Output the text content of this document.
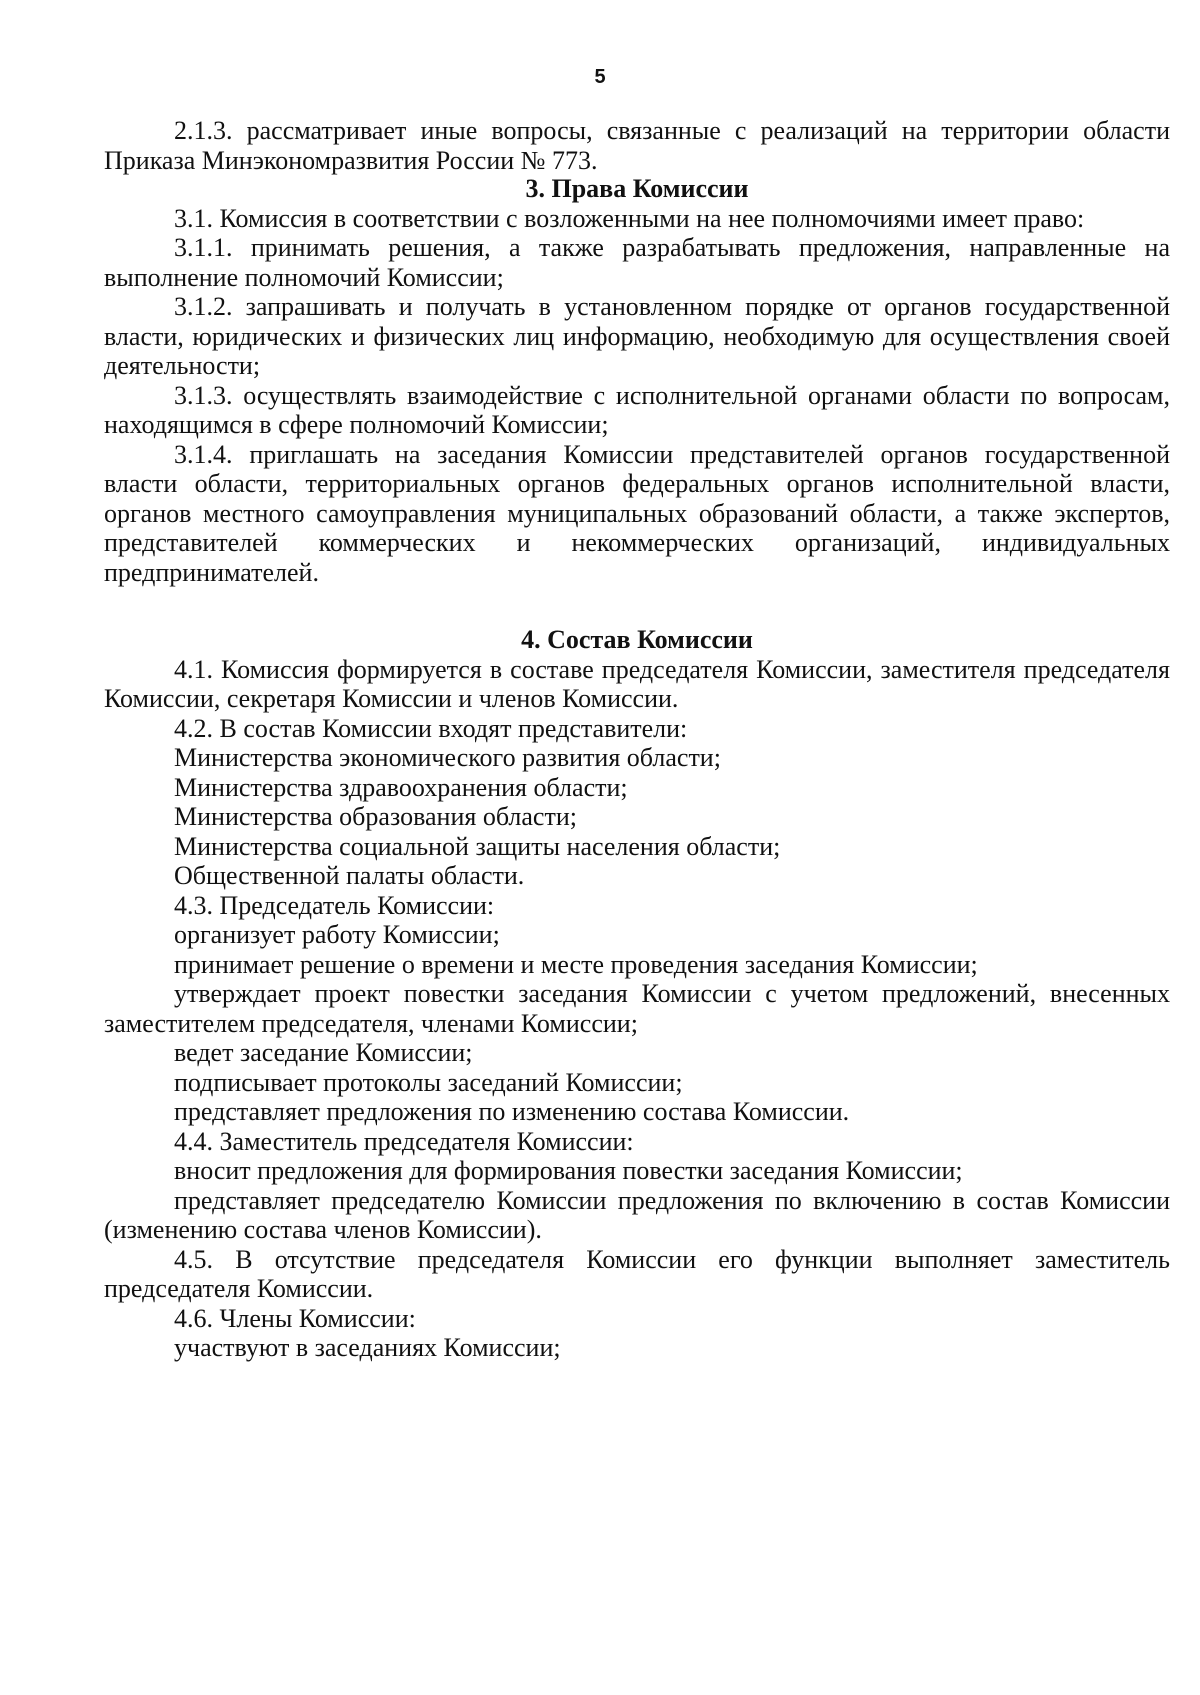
5

2.1.3. рассматривает иные вопросы, связанные с реализаций на территории области Приказа Минэкономразвития России № 773.

3. Права Комиссии

3.1. Комиссия в соответствии с возложенными на нее полномочиями имеет право:

3.1.1. принимать решения, а также разрабатывать предложения, направленные на выполнение полномочий Комиссии;

3.1.2. запрашивать и получать в установленном порядке от органов государственной власти, юридических и физических лиц информацию, необходимую для осуществления своей деятельности;

3.1.3. осуществлять взаимодействие с исполнительной органами области по вопросам, находящимся в сфере полномочий Комиссии;

3.1.4. приглашать на заседания Комиссии представителей органов государственной власти области, территориальных органов федеральных органов исполнительной власти, органов местного самоуправления муниципальных образований области, а также экспертов, представителей коммерческих и некоммерческих организаций, индивидуальных предпринимателей.

4. Состав Комиссии

4.1. Комиссия формируется в составе председателя Комиссии, заместителя председателя Комиссии, секретаря Комиссии и членов Комиссии.

4.2. В состав Комиссии входят представители:

Министерства экономического развития области;

Министерства здравоохранения области;

Министерства образования области;

Министерства социальной защиты населения области;

Общественной палаты области.

4.3. Председатель Комиссии:

организует работу Комиссии;

принимает решение о времени и месте проведения заседания Комиссии;

утверждает проект повестки заседания Комиссии с учетом предложений, внесенных заместителем председателя, членами Комиссии;

ведет заседание Комиссии;

подписывает протоколы заседаний Комиссии;

представляет предложения по изменению состава Комиссии.

4.4. Заместитель председателя Комиссии:

вносит предложения для формирования повестки заседания Комиссии;

представляет председателю Комиссии предложения по включению в состав Комиссии (изменению состава членов Комиссии).

4.5. В отсутствие председателя Комиссии его функции выполняет заместитель председателя Комиссии.

4.6. Члены Комиссии:

участвуют в заседаниях Комиссии;
